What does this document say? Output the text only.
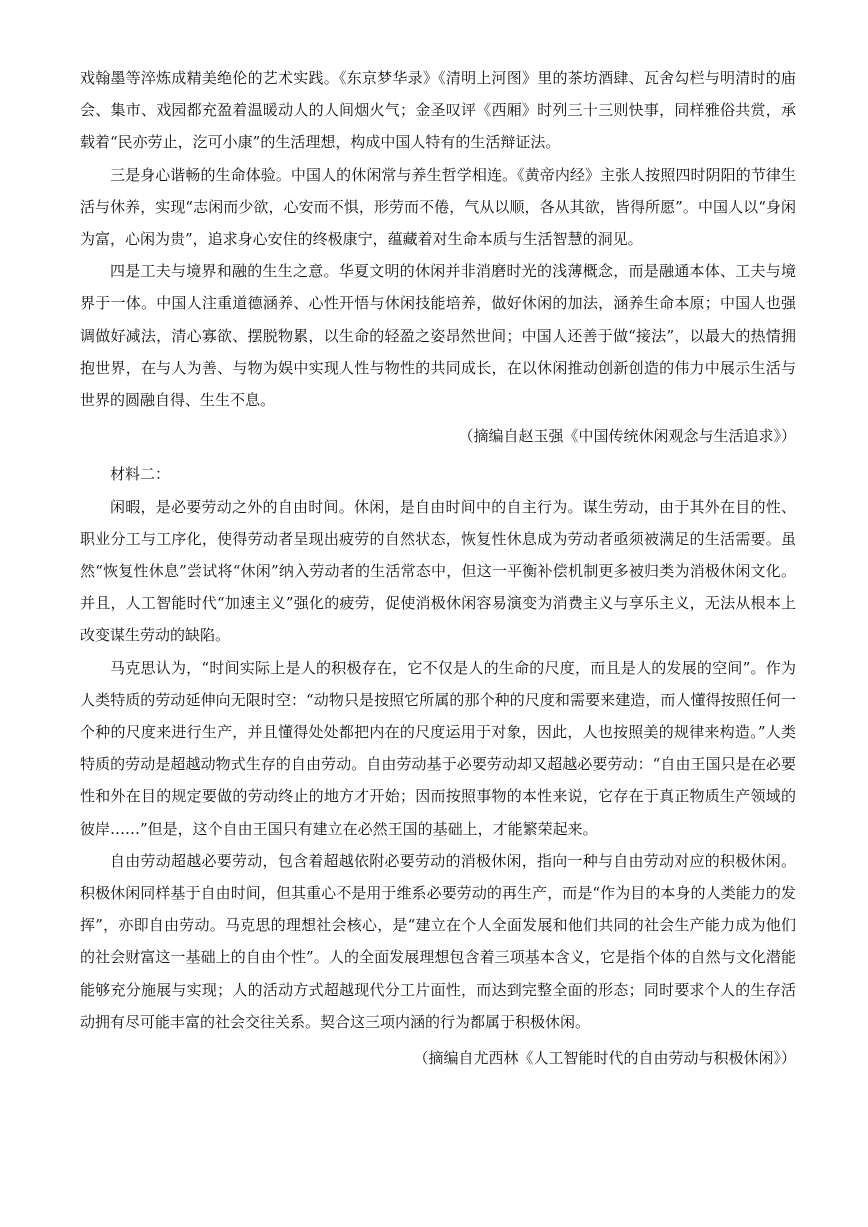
戏翰墨等淬炼成精美绝伦的艺术实践。《东京梦华录》《清明上河图》里的茶坊酒肆、瓦舍勾栏与明清时的庙会、集市、戏园都充盈着温暖动人的人间烟火气；金圣叹评《西厢》时列三十三则快事，同样雅俗共赏，承载着“民亦劳止，汔可小康”的生活理想，构成中国人特有的生活辩证法。

三是身心谐畅的生命体验。中国人的休闲常与养生哲学相连。《黄帝内经》主张人按照四时阴阳的节律生活与休养，实现“志闲而少欲，心安而不惧，形劳而不倦，气从以顺，各从其欲，皆得所愿”。中国人以“身闲为富，心闲为贵”，追求身心安住的终极康宁，蕴藏着对生命本质与生活智慧的洞见。

四是工夫与境界和融的生生之意。华夏文明的休闲并非消磨时光的浅薄概念，而是融通本体、工夫与境界于一体。中国人注重道德涵养、心性开悟与休闲技能培养，做好休闲的加法，涵养生命本原；中国人也强调做好减法，清心寡欲、摆脱物累，以生命的轻盈之姿昂然世间；中国人还善于做“接法”，以最大的热情拥抱世界，在与人为善、与物为娱中实现人性与物性的共同成长，在以休闲推动创新创造的伟力中展示生活与世界的圆融自得、生生不息。

（摘编自赵玉强《中国传统休闲观念与生活追求》）

材料二：

闲暇，是必要劳动之外的自由时间。休闲，是自由时间中的自主行为。谋生劳动，由于其外在目的性、职业分工与工序化，使得劳动者呈现出疲劳的自然状态，恢复性休息成为劳动者亟须被满足的生活需要。虽然“恢复性休息”尝试将“休闲”纳入劳动者的生活常态中，但这一平衡补偿机制更多被归类为消极休闲文化。并且，人工智能时代“加速主义”强化的疲劳，促使消极休闲容易演变为消费主义与享乐主义，无法从根本上改变谋生劳动的缺陷。

马克思认为，“时间实际上是人的积极存在，它不仅是人的生命的尺度，而且是人的发展的空间”。作为人类特质的劳动延伸向无限时空：“动物只是按照它所属的那个种的尺度和需要来建造，而人懂得按照任何一个种的尺度来进行生产，并且懂得处处都把内在的尺度运用于对象，因此，人也按照美的规律来构造。”人类特质的劳动是超越动物式生存的自由劳动。自由劳动基于必要劳动却又超越必要劳动：“自由王国只是在必要性和外在目的规定要做的劳动终止的地方才开始；因而按照事物的本性来说，它存在于真正物质生产领域的彼岸……”但是，这个自由王国只有建立在必然王国的基础上，才能繁荣起来。

自由劳动超越必要劳动，包含着超越依附必要劳动的消极休闲，指向一种与自由劳动对应的积极休闲。积极休闲同样基于自由时间，但其重心不是用于维系必要劳动的再生产，而是“作为目的本身的人类能力的发挥”，亦即自由劳动。马克思的理想社会核心，是“建立在个人全面发展和他们共同的社会生产能力成为他们的社会财富这一基础上的自由个性”。人的全面发展理想包含着三项基本含义，它是指个体的自然与文化潜能能够充分施展与实现；人的活动方式超越现代分工片面性，而达到完整全面的形态；同时要求个人的生存活动拥有尽可能丰富的社会交往关系。契合这三项内涵的行为都属于积极休闲。

（摘编自尤西林《人工智能时代的自由劳动与积极休闲》）
